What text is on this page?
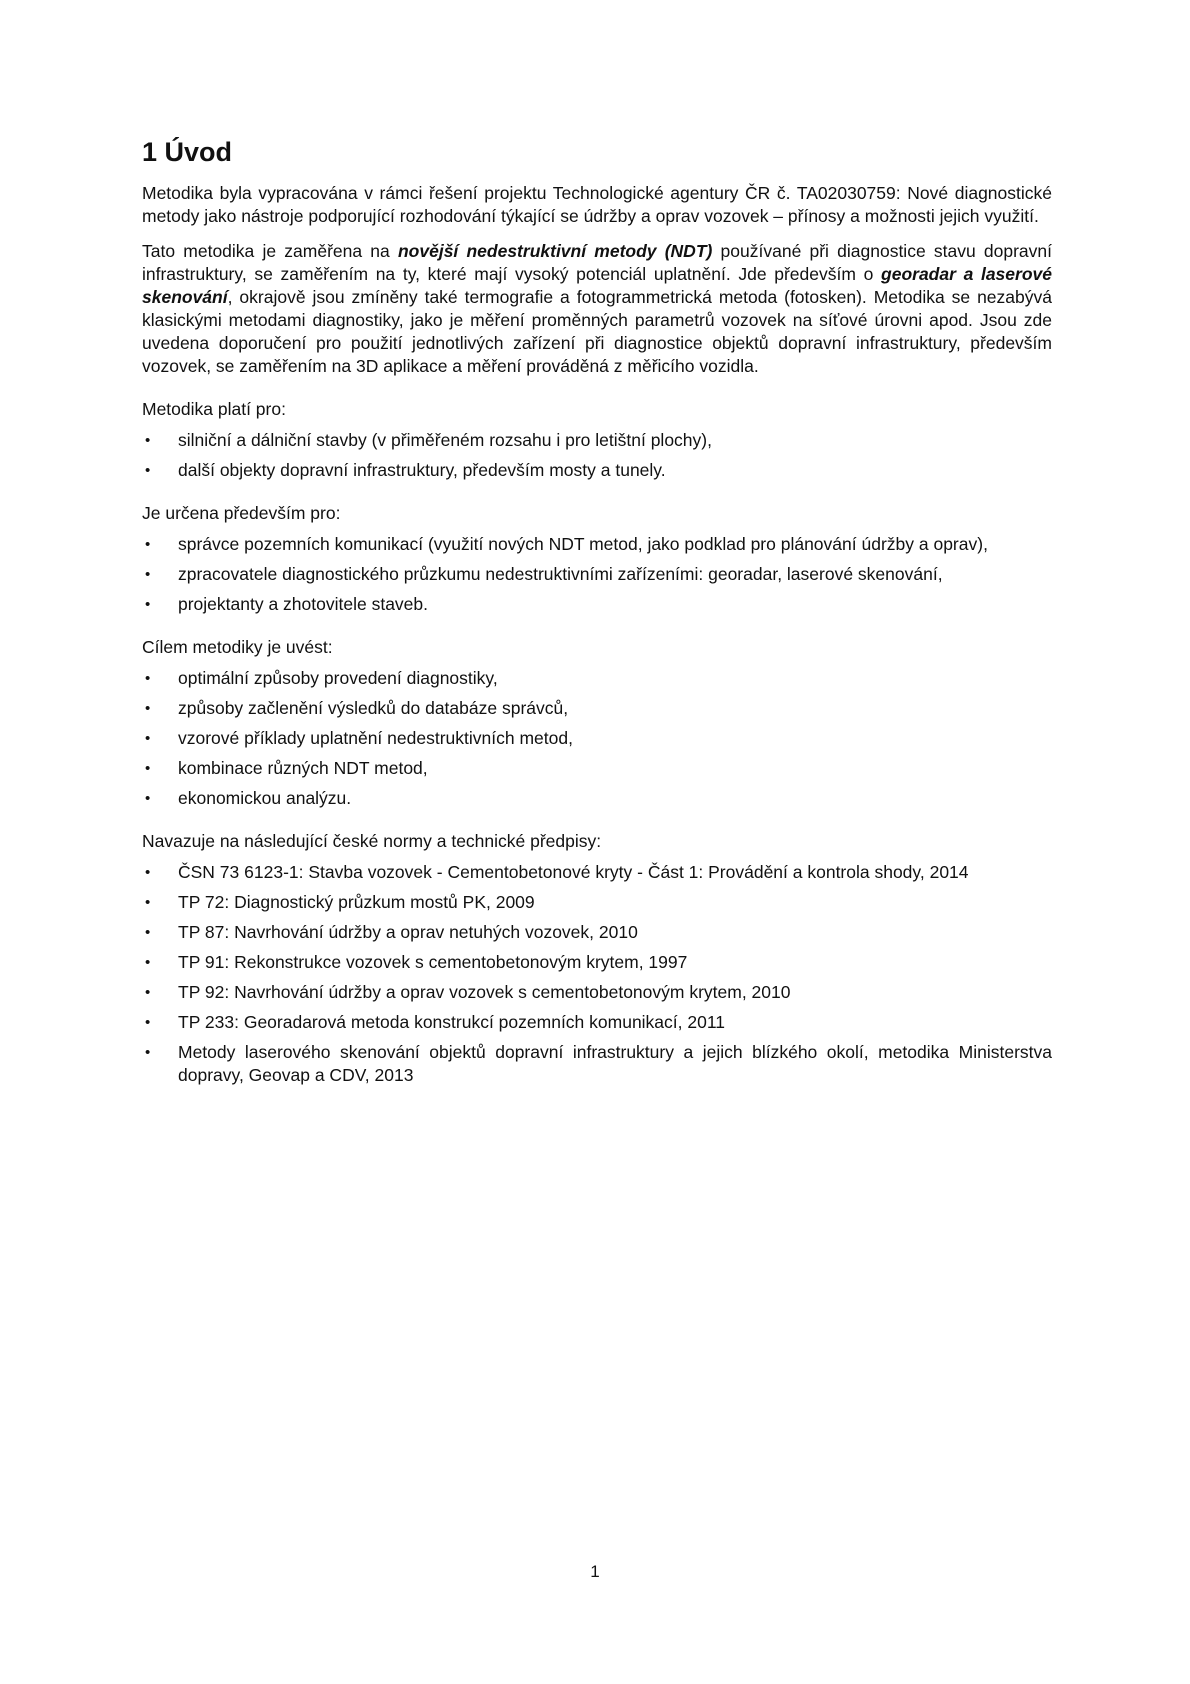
1 Úvod

Metodika byla vypracována v rámci řešení projektu Technologické agentury ČR č. TA02030759: Nové diagnostické metody jako nástroje podporující rozhodování týkající se údržby a oprav vozovek – přínosy a možnosti jejich využití.

Tato metodika je zaměřena na novější nedestruktivní metody (NDT) používané při diagnostice stavu dopravní infrastruktury, se zaměřením na ty, které mají vysoký potenciál uplatnění. Jde především o georadar a laserové skenování, okrajově jsou zmíněny také termografie a fotogrammetrická metoda (fotosken). Metodika se nezabývá klasickými metodami diagnostiky, jako je měření proměnných parametrů vozovek na síťové úrovni apod. Jsou zde uvedena doporučení pro použití jednotlivých zařízení při diagnostice objektů dopravní infrastruktury, především vozovek, se zaměřením na 3D aplikace a měření prováděná z měřicího vozidla.

Metodika platí pro:

• silniční a dálniční stavby (v přiměřeném rozsahu i pro letištní plochy),
• další objekty dopravní infrastruktury, především mosty a tunely.

Je určena především pro:

• správce pozemních komunikací (využití nových NDT metod, jako podklad pro plánování údržby a oprav),
• zpracovatele diagnostického průzkumu nedestruktivními zařízeními: georadar, laserové skenování,
• projektanty a zhotovitele staveb.

Cílem metodiky je uvést:

• optimální způsoby provedení diagnostiky,
• způsoby začlenění výsledků do databáze správců,
• vzorové příklady uplatnění nedestruktivních metod,
• kombinace různých NDT metod,
• ekonomickou analýzu.

Navazuje na následující české normy a technické předpisy:

• ČSN 73 6123-1: Stavba vozovek - Cementobetonové kryty - Část 1: Provádění a kontrola shody, 2014
• TP 72: Diagnostický průzkum mostů PK, 2009
• TP 87: Navrhování údržby a oprav netuhých vozovek, 2010
• TP 91: Rekonstrukce vozovek s cementobetonovým krytem, 1997
• TP 92: Navrhování údržby a oprav vozovek s cementobetonovým krytem, 2010
• TP 233: Georadarová metoda konstrukcí pozemních komunikací, 2011
• Metody laserového skenování objektů dopravní infrastruktury a jejich blízkého okolí, metodika Ministerstva dopravy, Geovap a CDV, 2013
1
